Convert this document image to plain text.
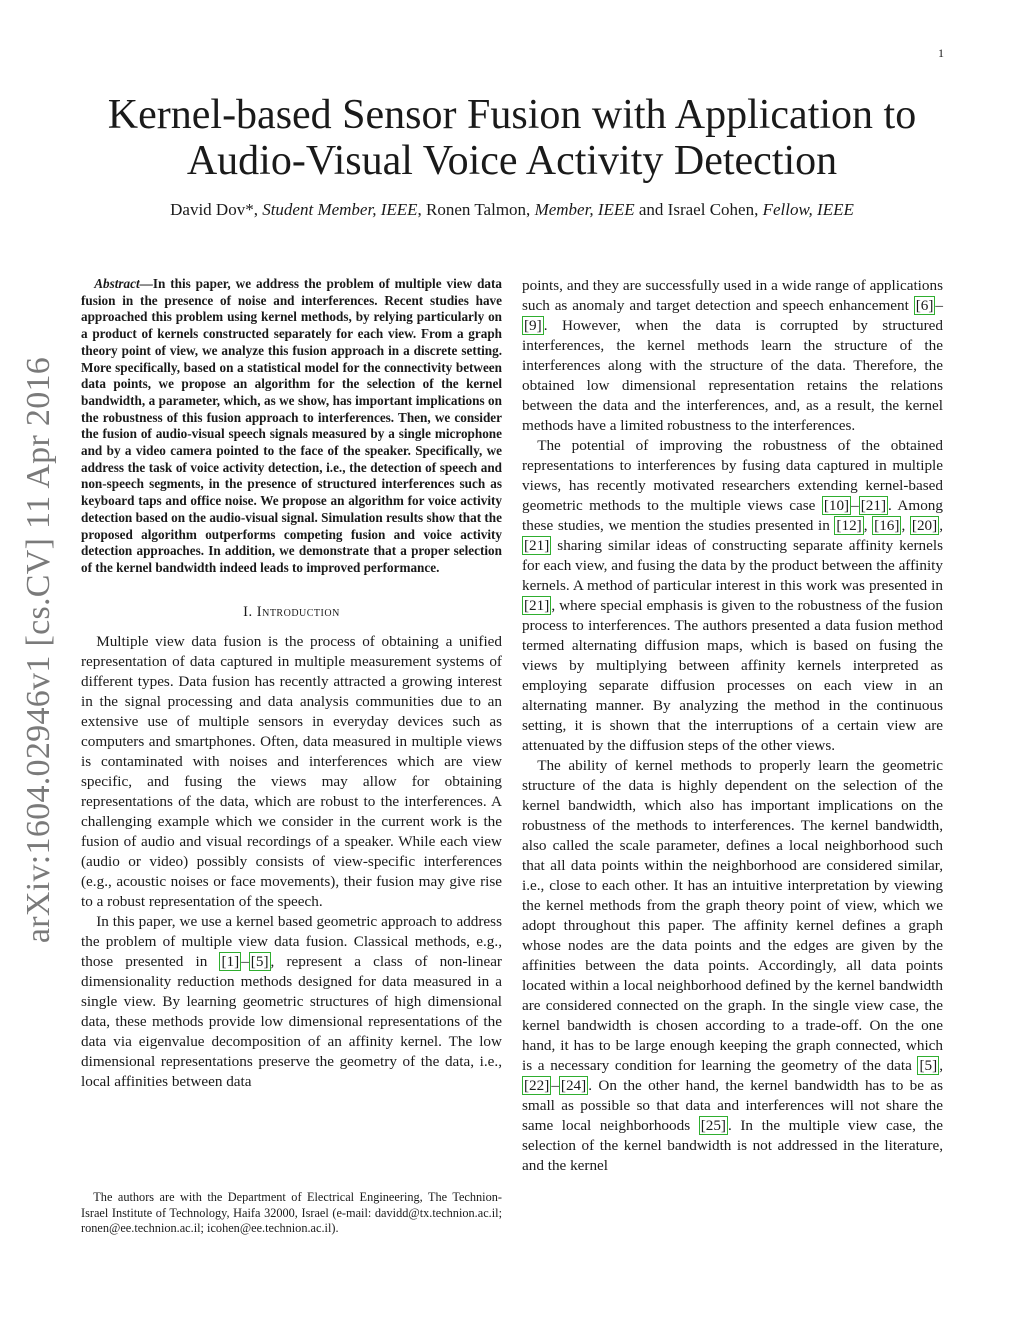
1
arXiv:1604.02946v1 [cs.CV] 11 Apr 2016
Kernel-based Sensor Fusion with Application to
Audio-Visual Voice Activity Detection
David Dov*, Student Member, IEEE, Ronen Talmon, Member, IEEE and Israel Cohen, Fellow, IEEE

Abstract—In this paper, we address the problem of multiple view data fusion in the presence of noise and interferences. Recent studies have approached this problem using kernel methods, by relying particularly on a product of kernels constructed separately for each view. From a graph theory point of view, we analyze this fusion approach in a discrete setting. More specifically, based on a statistical model for the connectivity between data points, we propose an algorithm for the selection of the kernel bandwidth, a parameter, which, as we show, has important implications on the robustness of this fusion approach to interferences. Then, we consider the fusion of audio-visual speech signals measured by a single microphone and by a video camera pointed to the face of the speaker. Specifically, we address the task of voice activity detection, i.e., the detection of speech and non-speech segments, in the presence of structured interferences such as keyboard taps and office noise. We propose an algorithm for voice activity detection based on the audio-visual signal. Simulation results show that the proposed algorithm outperforms competing fusion and voice activity detection approaches. In addition, we demonstrate that a proper selection of the kernel bandwidth indeed leads to improved performance.

I. Introduction

Multiple view data fusion is the process of obtaining a unified representation of data captured in multiple measurement systems of different types. Data fusion has recently attracted a growing interest in the signal processing and data analysis communities due to an extensive use of multiple sensors in everyday devices such as computers and smartphones. Often, data measured in multiple views is contaminated with noises and interferences which are view specific, and fusing the views may allow for obtaining representations of the data, which are robust to the interferences. A challenging example which we consider in the current work is the fusion of audio and visual recordings of a speaker. While each view (audio or video) possibly consists of view-specific interferences (e.g., acoustic noises or face movements), their fusion may give rise to a robust representation of the speech.

In this paper, we use a kernel based geometric approach to address the problem of multiple view data fusion. Classical methods, e.g., those presented in [1] – [5] , represent a class of non-linear dimensionality reduction methods designed for data measured in a single view. By learning geometric structures of high dimensional data, these methods provide low dimensional representations of the data via eigenvalue decomposition of an affinity kernel. The low dimensional representations preserve the geometry of the data, i.e., local affinities between data

The authors are with the Department of Electrical Engineering, The Technion-Israel Institute of Technology, Haifa 32000, Israel (e-mail: davidd@tx.technion.ac.il; ronen@ee.technion.ac.il; icohen@ee.technion.ac.il).

points, and they are successfully used in a wide range of applications such as anomaly and target detection and speech enhancement [6] –[9] . However, when the data is corrupted by structured interferences, the kernel methods learn the structure of the interferences along with the structure of the data. Therefore, the obtained low dimensional representation retains the relations between the data and the interferences, and, as a result, the kernel methods have a limited robustness to the interferences.

The potential of improving the robustness of the obtained representations to interferences by fusing data captured in multiple views, has recently motivated researchers extending kernel-based geometric methods to the multiple views case [10] – [21] . Among these studies, we mention the studies presented in [12] , [16] , [20] , [21] sharing similar ideas of constructing separate affinity kernels for each view, and fusing the data by the product between the affinity kernels. A method of particular interest in this work was presented in [21] , where special emphasis is given to the robustness of the fusion process to interferences. The authors presented a data fusion method termed alternating diffusion maps, which is based on fusing the views by multiplying between affinity kernels interpreted as employing separate diffusion processes on each view in an alternating manner. By analyzing the method in the continuous setting, it is shown that the interruptions of a certain view are attenuated by the diffusion steps of the other views.

The ability of kernel methods to properly learn the geometric structure of the data is highly dependent on the selection of the kernel bandwidth, which also has important implications on the robustness of the methods to interferences. The kernel bandwidth, also called the scale parameter, defines a local neighborhood such that all data points within the neighborhood are considered similar, i.e., close to each other. It has an intuitive interpretation by viewing the kernel methods from the graph theory point of view, which we adopt throughout this paper. The affinity kernel defines a graph whose nodes are the data points and the edges are given by the affinities between the data points. Accordingly, all data points located within a local neighborhood defined by the kernel bandwidth are considered connected on the graph. In the single view case, the kernel bandwidth is chosen according to a trade-off. On the one hand, it has to be large enough keeping the graph connected, which is a necessary condition for learning the geometry of the data [5] , [22] – [24] . On the other hand, the kernel bandwidth has to be as small as possible so that data and interferences will not share the same local neighborhoods [25] . In the multiple view case, the selection of the kernel bandwidth is not addressed in the literature, and the kernel
